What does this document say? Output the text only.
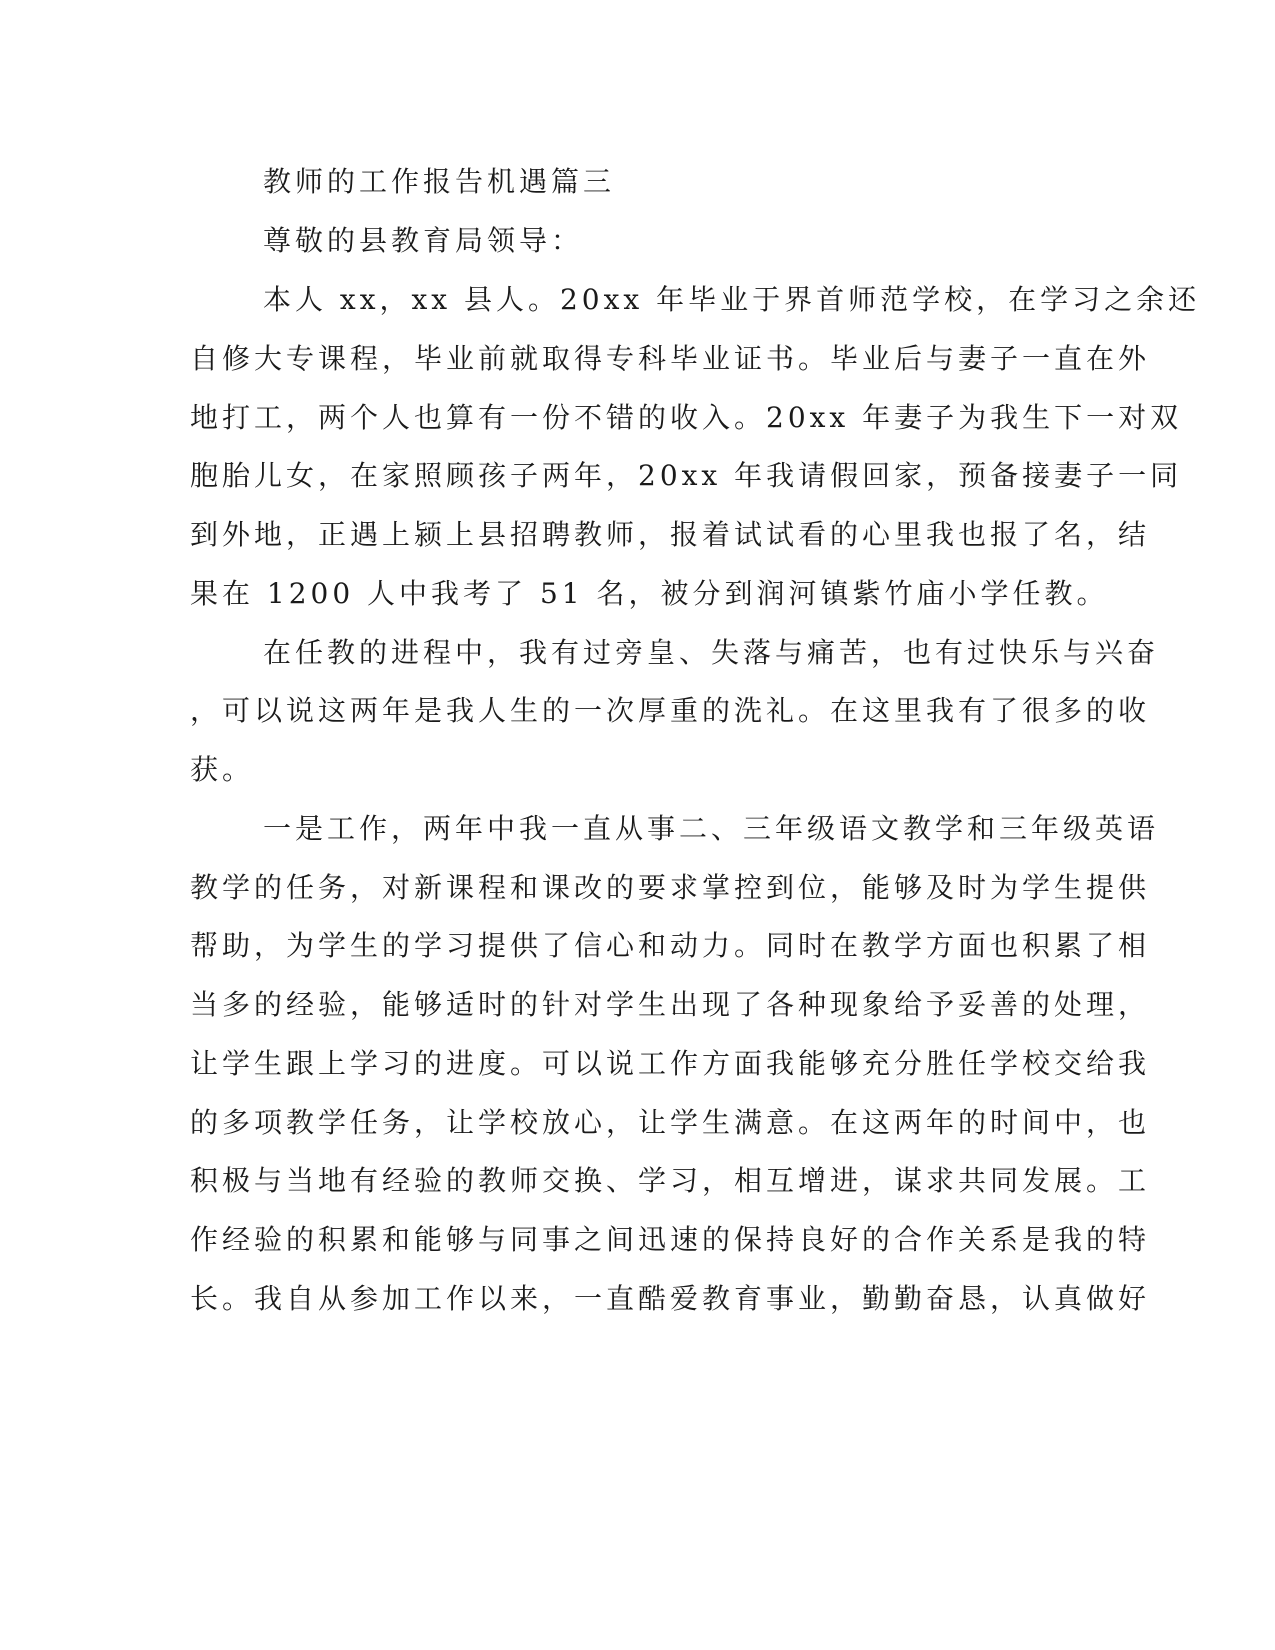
教师的工作报告机遇篇三
尊敬的县教育局领导：
本人 xx，xx 县人。20xx 年毕业于界首师范学校，在学习之余还
自修大专课程，毕业前就取得专科毕业证书。毕业后与妻子一直在外
地打工，两个人也算有一份不错的收入。20xx 年妻子为我生下一对双
胞胎儿女，在家照顾孩子两年，20xx 年我请假回家，预备接妻子一同
到外地，正遇上颍上县招聘教师，报着试试看的心里我也报了名，结
果在 1200 人中我考了 51 名，被分到润河镇紫竹庙小学任教。
在任教的进程中，我有过旁皇、失落与痛苦，也有过快乐与兴奋
，可以说这两年是我人生的一次厚重的洗礼。在这里我有了很多的收
获。
一是工作，两年中我一直从事二、三年级语文教学和三年级英语
教学的任务，对新课程和课改的要求掌控到位，能够及时为学生提供
帮助，为学生的学习提供了信心和动力。同时在教学方面也积累了相
当多的经验，能够适时的针对学生出现了各种现象给予妥善的处理，
让学生跟上学习的进度。可以说工作方面我能够充分胜任学校交给我
的多项教学任务，让学校放心，让学生满意。在这两年的时间中，也
积极与当地有经验的教师交换、学习，相互增进，谋求共同发展。工
作经验的积累和能够与同事之间迅速的保持良好的合作关系是我的特
长。我自从参加工作以来，一直酷爱教育事业，勤勤奋恳，认真做好
